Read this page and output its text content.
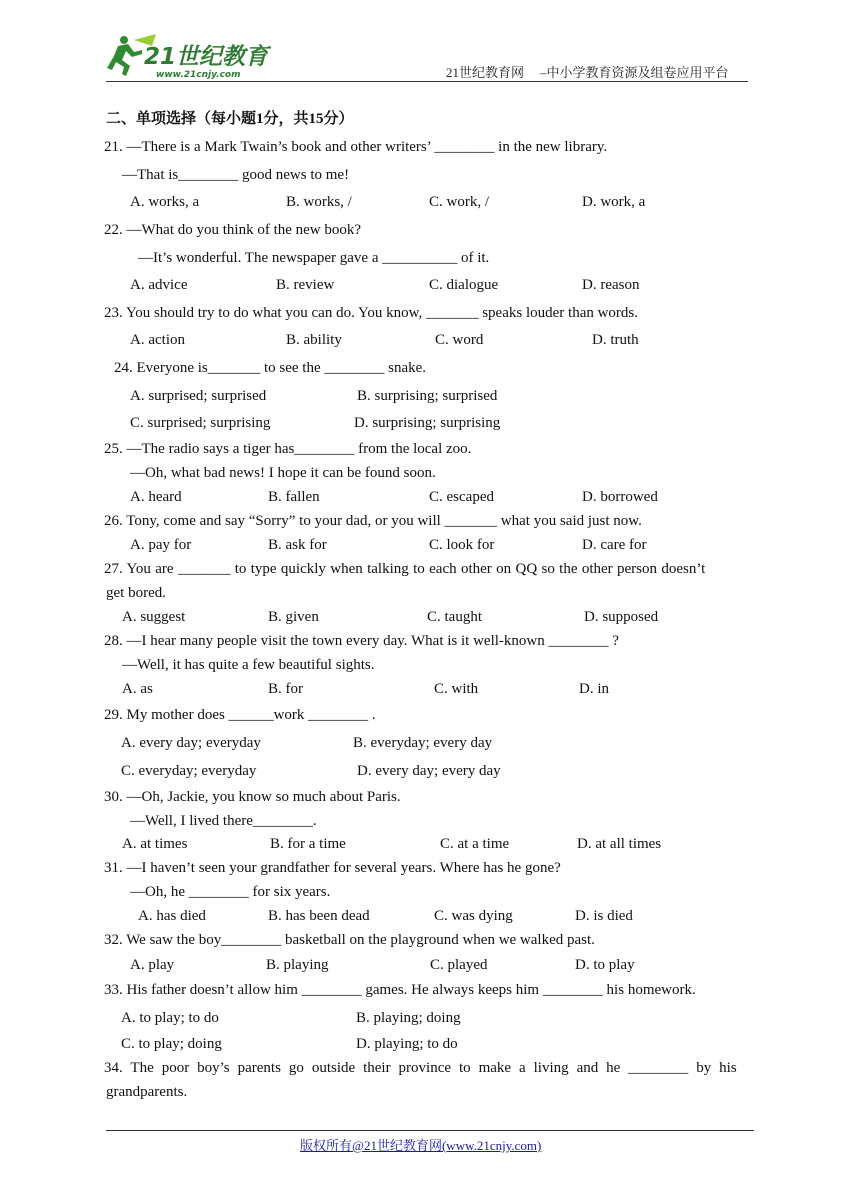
21世纪教育
www.21cnjy.com	21世纪教育网 –中小学教育资源及组卷应用平台
二、单项选择（每小题1分，共15分）
21. —There is a Mark Twain’s book and other writers’ ________ in the new library.
—That is________ good news to me!
A. works, a	B. works, /	C. work, /	D. work, a
22. —What do you think of the new book?
—It’s wonderful. The newspaper gave a __________ of it.
A. advice	B. review	C. dialogue	D. reason
23. You should try to do what you can do. You know, _______ speaks louder than words.
A. action	B. ability	C. word	D. truth
24. Everyone is_______ to see the ________ snake.
A. surprised; surprised	B. surprising; surprised
C. surprised; surprising	D. surprising; surprising
25. —The radio says a tiger has________ from the local zoo.
—Oh, what bad news! I hope it can be found soon.
A. heard	B. fallen	C. escaped	D. borrowed
26. Tony, come and say “Sorry” to your dad, or you will _______ what you said just now.
A. pay for	B. ask for	C. look for	D. care for
27. You are _______ to type quickly when talking to each other on QQ so the other person doesn’t
get bored.
A. suggest	B. given	C. taught	D. supposed
28. —I hear many people visit the town every day. What is it well-known ________ ?
—Well, it has quite a few beautiful sights.
A. as	B. for	C. with	D. in
29. My mother does ______work ________ .
A. every day; everyday	B. everyday; every day
C. everyday; everyday	D. every day; every day
30. —Oh, Jackie, you know so much about Paris.
—Well, I lived there________.
A. at times	B. for a time	C. at a time	D. at all times
31. —I haven’t seen your grandfather for several years. Where has he gone?
—Oh, he ________ for six years.
A. has died	B. has been dead	C. was dying	D. is died
32. We saw the boy________ basketball on the playground when we walked past.
A. play	B. playing	C. played	D. to play
33. His father doesn’t allow him ________ games. He always keeps him ________ his homework.
A. to play; to do	B. playing; doing
C. to play; doing	D. playing; to do
34. The poor boy’s parents go outside their province to make a living and he ________ by his
grandparents.
版权所有@21世纪教育网(www.21cnjy.com)
